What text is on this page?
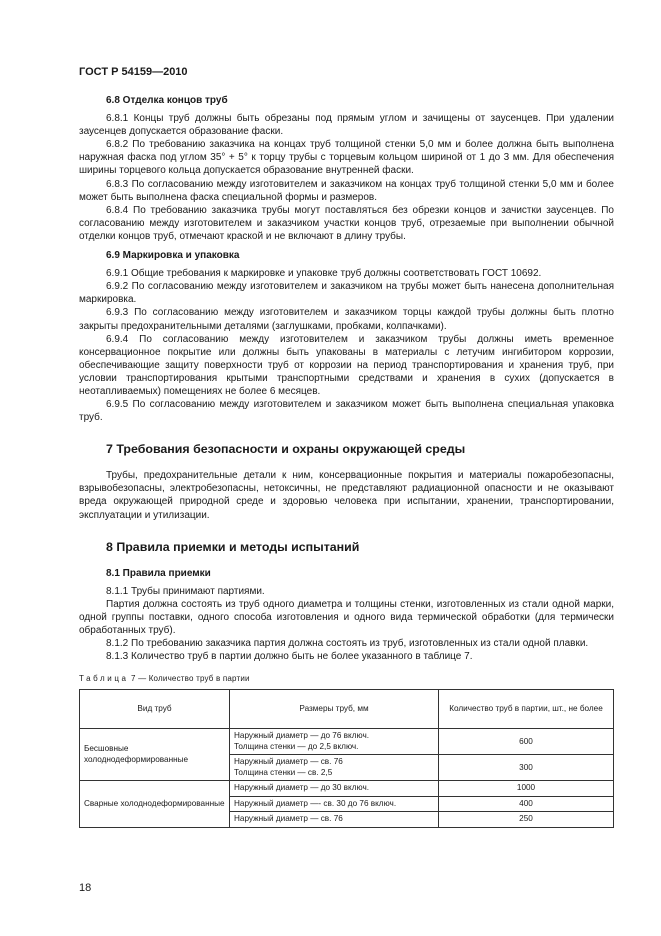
ГОСТ Р 54159—2010
6.8 Отделка концов труб

6.8.1 Концы труб должны быть обрезаны под прямым углом и зачищены от заусенцев. При удалении заусенцев допускается образование фаски.

6.8.2 По требованию заказчика на концах труб толщиной стенки 5,0 мм и более должна быть выполнена наружная фаска под углом 35° + 5° к торцу трубы с торцевым кольцом шириной от 1 до 3 мм. Для обеспечения ширины торцевого кольца допускается образование внутренней фаски.

6.8.3 По согласованию между изготовителем и заказчиком на концах труб толщиной стенки 5,0 мм и более может быть выполнена фаска специальной формы и размеров.

6.8.4 По требованию заказчика трубы могут поставляться без обрезки концов и зачистки заусенцев. По согласованию между изготовителем и заказчиком участки концов труб, отрезаемые при выполнении обычной отделки концов труб, отмечают краской и не включают в длину трубы.

6.9 Маркировка и упаковка

6.9.1 Общие требования к маркировке и упаковке труб должны соответствовать ГОСТ 10692.

6.9.2 По согласованию между изготовителем и заказчиком на трубы может быть нанесена дополнительная маркировка.

6.9.3 По согласованию между изготовителем и заказчиком торцы каждой трубы должны быть плотно закрыты предохранительными деталями (заглушками, пробками, колпачками).

6.9.4 По согласованию между изготовителем и заказчиком трубы должны иметь временное консервационное покрытие или должны быть упакованы в материалы с летучим ингибитором коррозии, обеспечивающие защиту поверхности труб от коррозии на период транспортирования и хранения труб, при условии транспортирования крытыми транспортными средствами и хранения в сухих (допускается в неотапливаемых) помещениях не более 6 месяцев.

6.9.5 По согласованию между изготовителем и заказчиком может быть выполнена специальная упаковка труб.

7 Требования безопасности и охраны окружающей среды

Трубы, предохранительные детали к ним, консервационные покрытия и материалы пожаробезопасны, взрывобезопасны, электробезопасны, нетоксичны, не представляют радиационной опасности и не оказывают вреда окружающей природной среде и здоровью человека при испытании, хранении, транспортировании, эксплуатации и утилизации.

8 Правила приемки и методы испытаний
8.1 Правила приемки

8.1.1 Трубы принимают партиями.

Партия должна состоять из труб одного диаметра и толщины стенки, изготовленных из стали одной марки, одной группы поставки, одного способа изготовления и одного вида термической обработки (для термически обработанных труб).

8.1.2 По требованию заказчика партия должна состоять из труб, изготовленных из стали одной плавки.

8.1.3 Количество труб в партии должно быть не более указанного в таблице 7.

Таблица 7 — Количество труб в партии
Вид труб	Размеры труб, мм	Количество труб в партии, шт., не более
Бесшовные холоднодеформированные	Наружный диаметр — до 76 включ.
Толщина стенки — до 2,5 включ.	600

	Наружный диаметр — св. 76
Толщина стенки — св. 2,5	300
Сварные холоднодеформированные	Наружный диаметр — до 30 включ.	1000
	Наружный диаметр —- св. 30 до 76 включ.	400
	Наружный диаметр — св. 76	250
18
